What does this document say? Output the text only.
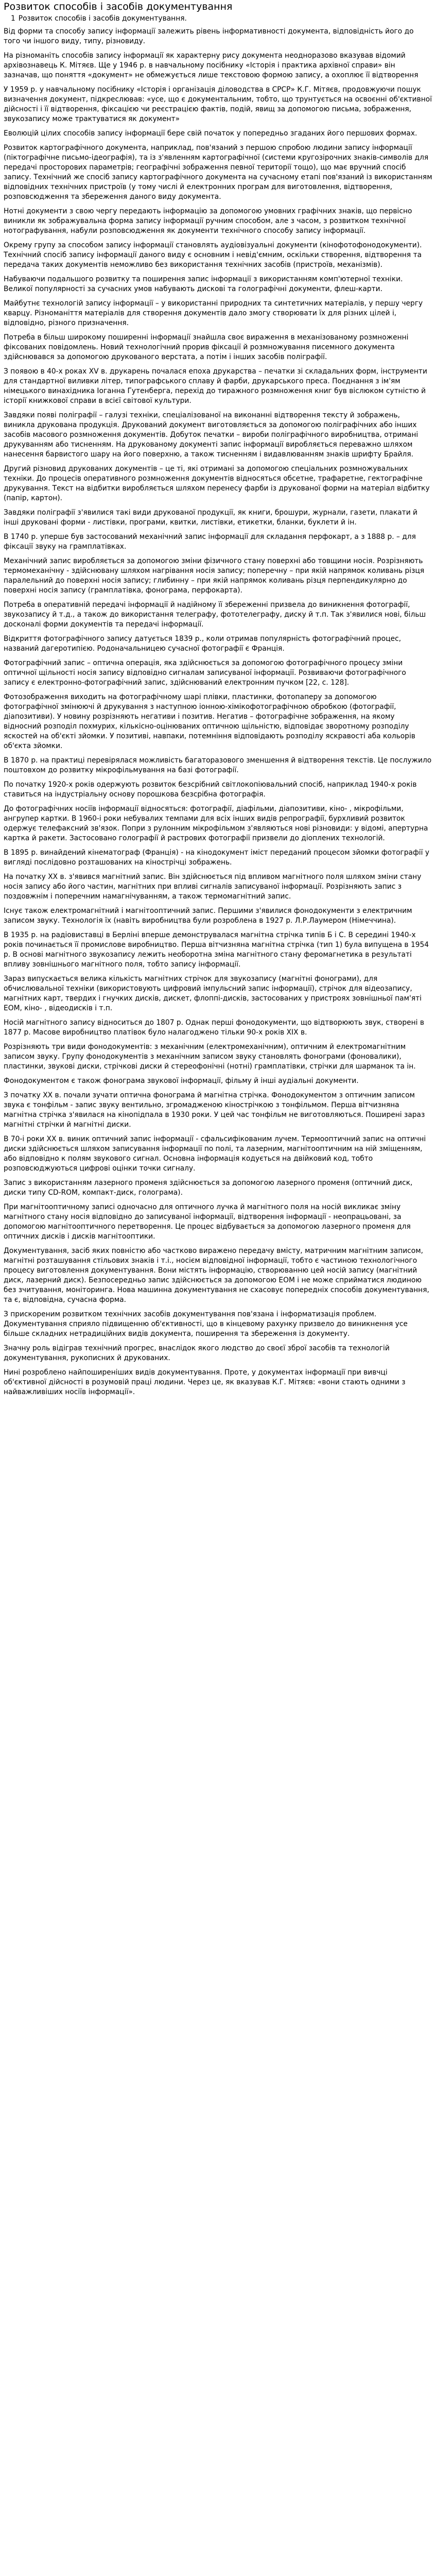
Розвиток способів і засобів документування
1 Розвиток способів і засобів документування.

Від форми та способу запису інформації залежить рівень інформативності документа, відповідність його до того чи іншого виду, типу, різновиду.

На різноманіть способів запису інформації як характерну рису документа неодноразово вказував відомий архівознавець К. Мітяєв. Ще у 1946 р. в навчальному посібнику «Історія і практика архівної справи» він зазначав, що поняття «документ» не обмежується лише текстовою формою запису, а охоплює її відтворення

У 1959 р. у навчальному посібнику «Історія і організація діловодства в СРСР» К.Г. Мітяєв, продовжуючи пошук визначення документ, підкреслював: «усе, що є документальним, тобто, що трунтується на освоєнні об'єктивної дійсності і її відтворення, фіксацією чи реєстрацією фактів, подій, явищ за допомогою письма, зображення, звукозапису може трактуватися як документ»

Еволюцій цілих способів запису інформації бере свій початок у попередньо згаданих його першових формах.

Розвиток картографічного документа, наприклад, пов'язаний з першою спробою людини запису інформації (піктографічне письмо-ідеографія), та із з'явленням картографічної (системи кругозірочних знаків-символів для передачі просторових параметрів; географічні зображення певної території тощо), що має вручний спосіб запису. Технічний же спосіб запису картографічного документа на сучасному етапі пов'язаний із використанням відповідних технічних пристроїв (у тому числі й електронних програм для виготовлення, відтворення, розповсюдження та збереження даного виду документа.

Нотні документи з свою чергу передають інформацію за допомогою умовних графічних знаків, що первісно виникли як зображувальна форма запису інформації ручним способом, але з часом, з розвитком технічної нотографування, набули розповсюдження як документи технічного способу запису інформації.

Окрему групу за способом запису інформації становлять аудіовізуальні документи (кінофотофонодокументи). Технічний спосіб запису інформації даного виду є основним і невід'ємним, оскільки створення, відтворення та передача таких документів неможливо без використання технічних засобів (пристроїв, механізмів).

Набуваючи подальшого розвитку та поширення запис інформації з використанням комп'ютерної техніки. Великої популярності за сучасних умов набувають дискові та голографічні документи, флеш-карти.

Майбутнє технологій запису інформації – у використанні природних та синтетичних матеріалів, у першу чергу кварцу. Різноманіття матеріалів для створення документів дало змогу створювати їх для різних цілей і, відповідно, різного призначення.

Потреба в більш широкому поширенні інформації знайшла своє вираження в механізованому розмноженні фіксованих повідомлень. Новий технологічний прорив фіксації й розмножування писемного документа здійснювався за допомогою друкованого верстата, а потім і інших засобів поліграфії.

З появою в 40-х роках XV в. друкарень почалася епоха друкарства – печатки зі складальних форм, інструменти для стандартної виливки літер, типографського сплаву й фарби, друкарського преса. Поєднання з ім'ям німецького винахідника Іоганна Гутенберга, перехід до тиражного розмноження книг був віслюком сутністю й історії книжкової справи в всієї світової культури.

Завдяки появі поліграфії – галузі техніки, спеціалізованої на виконанні відтворення тексту й зображень, виникла друкована продукція. Друкований документ виготовляється за допомогою поліграфічних або інших засобів масового розмноження документів. Добуток печатки – вироби поліграфічного виробництва, отримані друкуванням або тисненням. На друкованому документі запис інформації виробляється переважно шляхом нанесення барвистого шару на його поверхню, а також тисненням і видавлюванням знаків шрифту Брайля.

Другий різновид друкованих документів – це ті, які отримані за допомогою спеціальних розмножувальних техніки. До процесів оперативного розмноження документів відносяться обсетне, трафаретне, гектографічне друкування. Текст на відбитки виробляється шляхом перенесу фарби із друкованої форми на матеріал відбитку (папір, картон).

Завдяки поліграфії з'явилися такі види друкованої продукції, як книги, брошури, журнали, газети, плакати й інші друковані форми - листівки, програми, квитки, листівки, етикетки, бланки, буклети й ін.

В 1740 р. уперше був застосований механічний запис інформації для складання перфокарт, а з 1888 р. – для фіксації звуку на грамплатівках.

Механічний запис виробляється за допомогою зміни фізичного стану поверхні або товщини носія. Розрізняють термомеханічну - здійснювану шляхом нагрівання носія запису; поперечну – при якій напрямок коливань різця паралельний до поверхні носія запису; глибинну – при якій напрямок коливань різця перпендикулярно до поверхні носія запису (грамплатівка, фонограма, перфокарта).

Потреба в оперативній передачі інформації й надійному її збереженні призвела до виникнення фотографії, звукозапису й т.д., а також до використання телеграфу, фототелеграфу, диску й т.п. Так з'явилися нові, більш досконалі форми документів та передачі інформації.

Відкриття фотографічного запису датується 1839 р., коли отримав популярність фотографічний процес, названий дагеротипією. Родоначальницею сучасної фотографії є Франція.

Фотографічний запис – оптична операція, яка здійснюється за допомогою фотографічного процесу зміни оптичної щільності носія запису відповідно сигналам записуваної інформації. Розвиваючи фотографічного запису є електронно-фотографічний запис, здійснюваний електронним пучком [22, с. 128].

Фотозображення виходить на фотографічному шарі плівки, пластинки, фотопаперу за допомогою фотографічної змінюючі й друкування з наступною іонною-хімікофотографічною обробкою (фотографії, діапозитиви). У новину розрізняють негативи і позитив. Негатив – фотографічне зображення, на якому відносний розподіл похмурих, кількісно-оцінюваних оптичною щільністю, відповідає зворотному розподілу яскостей на об'єкті зйомки. У позитиві, навпаки, потемніння відповідають розподілу яскравості аба кольорів об'єкта зйомки.

В 1870 р. на практиці перевірялася можливість багаторазового зменшення й відтворення текстів. Це послужило поштовхом до розвитку мікрофільмування на базі фотографії.

По початку 1920-х років одержують розвиток безсрібний світлокопіювальний спосіб, наприклад 1940-х років ставиться на індустріальну основу порошкова безсрібна фотографія.

До фотографічних носіїв інформації відносяться: фотографії, діафільми, діапозитиви, кіно- , мікрофільми, ангрупер картки. В 1960-і роки небувалих темпами для всіх інших видів репрографії, бурхливий розвиток одержує телефаксний зв'язок. Попри з рулонним мікрофільмом з'являються нові різновиди: у відомі, апертурна картка й ракети. Застосовано голографії й растрових фотографії призвели до діоплених технологій.

В 1895 р. винайдений кінематограф (Франція) - на кінодокумент іміст переданий процесом зйомки фотографії у вигляді послідовно розташованих на кінострічці зображень.

На початку XX в. з'явився магнітний запис. Він здійснюється під впливом магнітного поля шляхом зміни стану носія запису або його частин, магнітних при впливі сигналів записуваної інформації. Розрізняють запис з поздовжнім і поперечним намагнічуванням, а також термомагнітний запис.

Існує також електромагнітний і магнітооптичний запис. Першими з'явилися фонодокументи з електричним записом звуку. Технологія їх (навіть виробництва були розроблена в 1927 р. Л.Р.Лаумером (Німеччина).

В 1935 р. на радіовиставці в Берліні вперше демонструвалася магнітна стрічка типів Б і С. В середині 1940-х років починається її промислове виробництво. Перша вітчизняна магнітна стрічка (тип 1) була випущена в 1954 р. В основі магнітного звукозапису лежить необоротна зміна магнітного стану феромагнетика в результаті впливу зовнішнього магнітного поля, тобто запису інформації.

Зараз випускається велика кількість магнітних стрічок для звукозапису (магнітні фонограми), для обчислювальної техніки (використовують цифровий імпульсний запис інформації), стрічок для відеозапису, магнітних карт, твердих і гнучких дисків, дискет, флоппі-дисків, застосованих у пристроях зовнішньої пам'яті ЕОМ, кіно- , відеодисків і т.п.

Носій магнітного запису відноситься до 1807 р. Однак перші фонодокументи, що відтворюють звук, створені в 1877 р. Масове виробництво платівок було налагоджено тільки 90-х років XIX в.

Розрізняють три види фонодокументів: з механічним (електромеханічним), оптичним й електромагнітним записом звуку. Групу фонодокументів з механічним записом звуку становлять фонограми (фоновалики), пластинки, звукові диски, стрічкові диски й стереофонічні (нотні) грамплатівки, стрічки для шарманок та ін.

Фонодокументом є також фонограма звукової інформації, фільму й інші аудіальні документи.

З початку XX в. почали зучати оптична фонограма й магнітна стрічка. Фонодокументом з оптичним записом звука є тонфільм - запис звуку вентильно, згромадженою кінострічкою з тонфільмом. Перша вітчизняна магнітна стрічка з'явилася на кінопідпала в 1930 роки. У цей час тонфільм не виготовляються. Поширені зараз магнітні стрічки й магнітні диски.

В 70-і роки XX в. виник оптичний запис інформації - сфальсифікованим лучем. Термооптичний запис на оптичні диски здійснюється шляхом записування інформації по полі, та лазерним, магнітооптичним на ній зміщенням, або відповідно к полям звукового сигнал. Основна інформація кодується на двійковий код, тобто розповсюджуються цифрові оцінки точки сигналу.

Запис з використанням лазерного променя здійснюється за допомогою лазерного променя (оптичний диск, диски типу CD-ROM, компакт-диск, голограма).

При магнітооптичному записі одночасно для оптичного лучка й магнітного поля на носій викликає зміну магнітного стану носія відповідно до записуваної інформації, відтворення інформації - неопрацьовані, за допомогою магнітооптичного перетворення. Це процес відбувається за допомогою лазерного променя для оптичних дисків і дисків магнітооптики.

Документування, засіб яких повністю або частково виражено передачу вмісту, матричним магнітним записом, магнітні розташування стільових знаків і т.і., носієм відповідної інформації, тобто є частиною технологічного процесу виготовлення документування. Вони містять інформацію, створюванню цей носій запису (магнітний диск, лазерний диск). Безпосередньо запис здійснюється за допомогою ЕОМ і не може сприйматися людиною без зчитування, моніторинга. Нова машинна документування не схасовує попередніх способів документування, та є, відповідна, сучасна форма.

З прискореним розвитком технічних засобів документування пов'язана і інформатизація проблем. Документування сприяло підвищенню об'єктивності, що в кінцевому рахунку призвело до виникнення усе більше складних нетрадиційних видів документа, поширення та збереження із документу.

Значну роль відіграв технічний прогрес, внаслідок якого людство до своєї зброї засобів та технологій документування, рукописних й друкованих.

Нині розроблено найпоширеніших видів документування. Проте, у документах інформації при вивчці об'єктивної дійсності в розумовій праці людини. Через це, як вказував К.Г. Мітяєв: «вони стають одними з найважливіших носіїв інформації».
